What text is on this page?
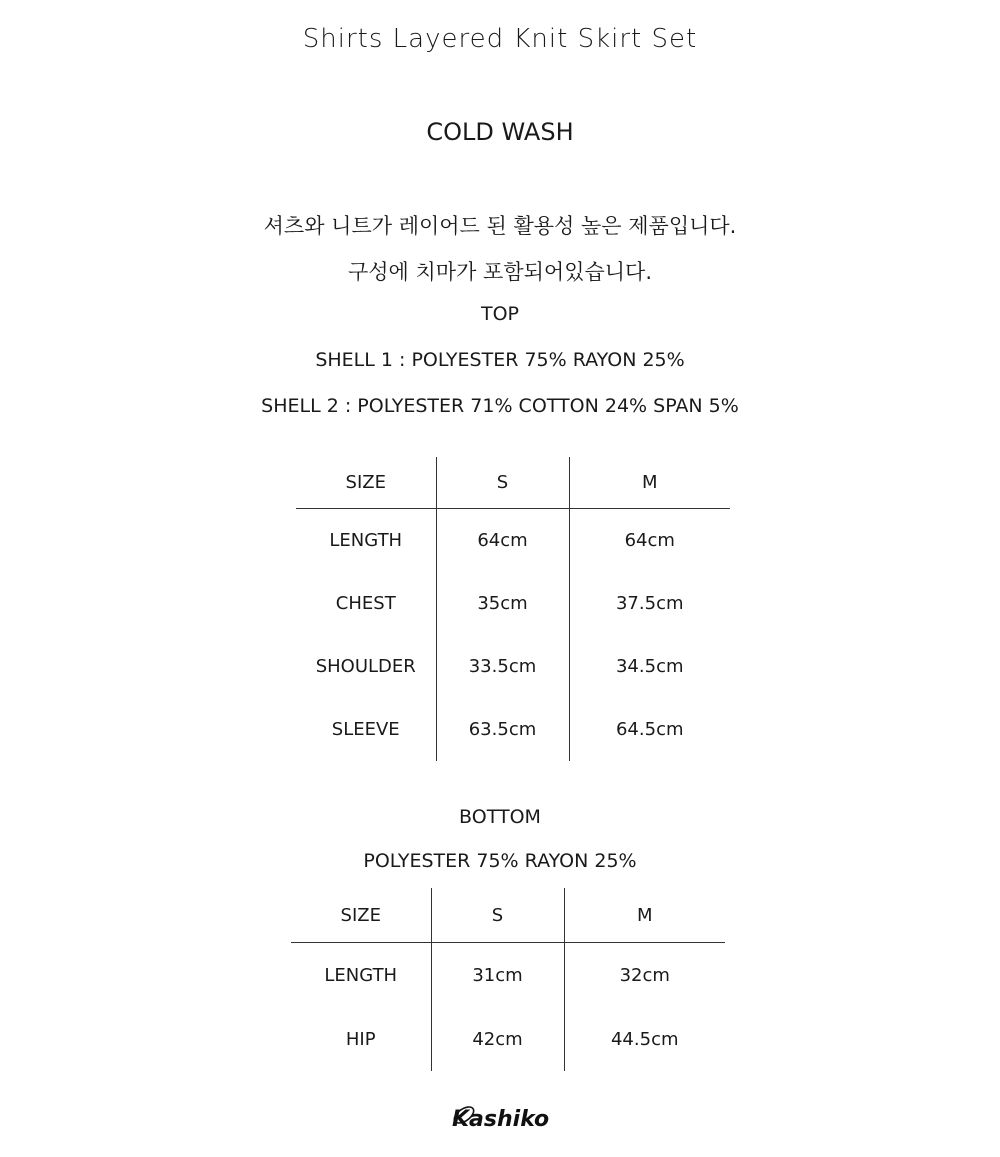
Shirts Layered Knit Skirt Set
COLD WASH
셔츠와 니트가 레이어드 된 활용성 높은 제품입니다.
구성에 치마가 포함되어있습니다.
TOP
SHELL 1 : POLYESTER 75% RAYON 25%
SHELL 2 : POLYESTER 71% COTTON 24% SPAN 5%
SIZE	S	M
LENGTH	64cm	64cm
CHEST	35cm	37.5cm
SHOULDER	33.5cm	34.5cm
SLEEVE	63.5cm	64.5cm
BOTTOM
POLYESTER 75% RAYON 25%
SIZE	S	M
LENGTH	31cm	32cm
HIP	42cm	44.5cm
Kashiko
